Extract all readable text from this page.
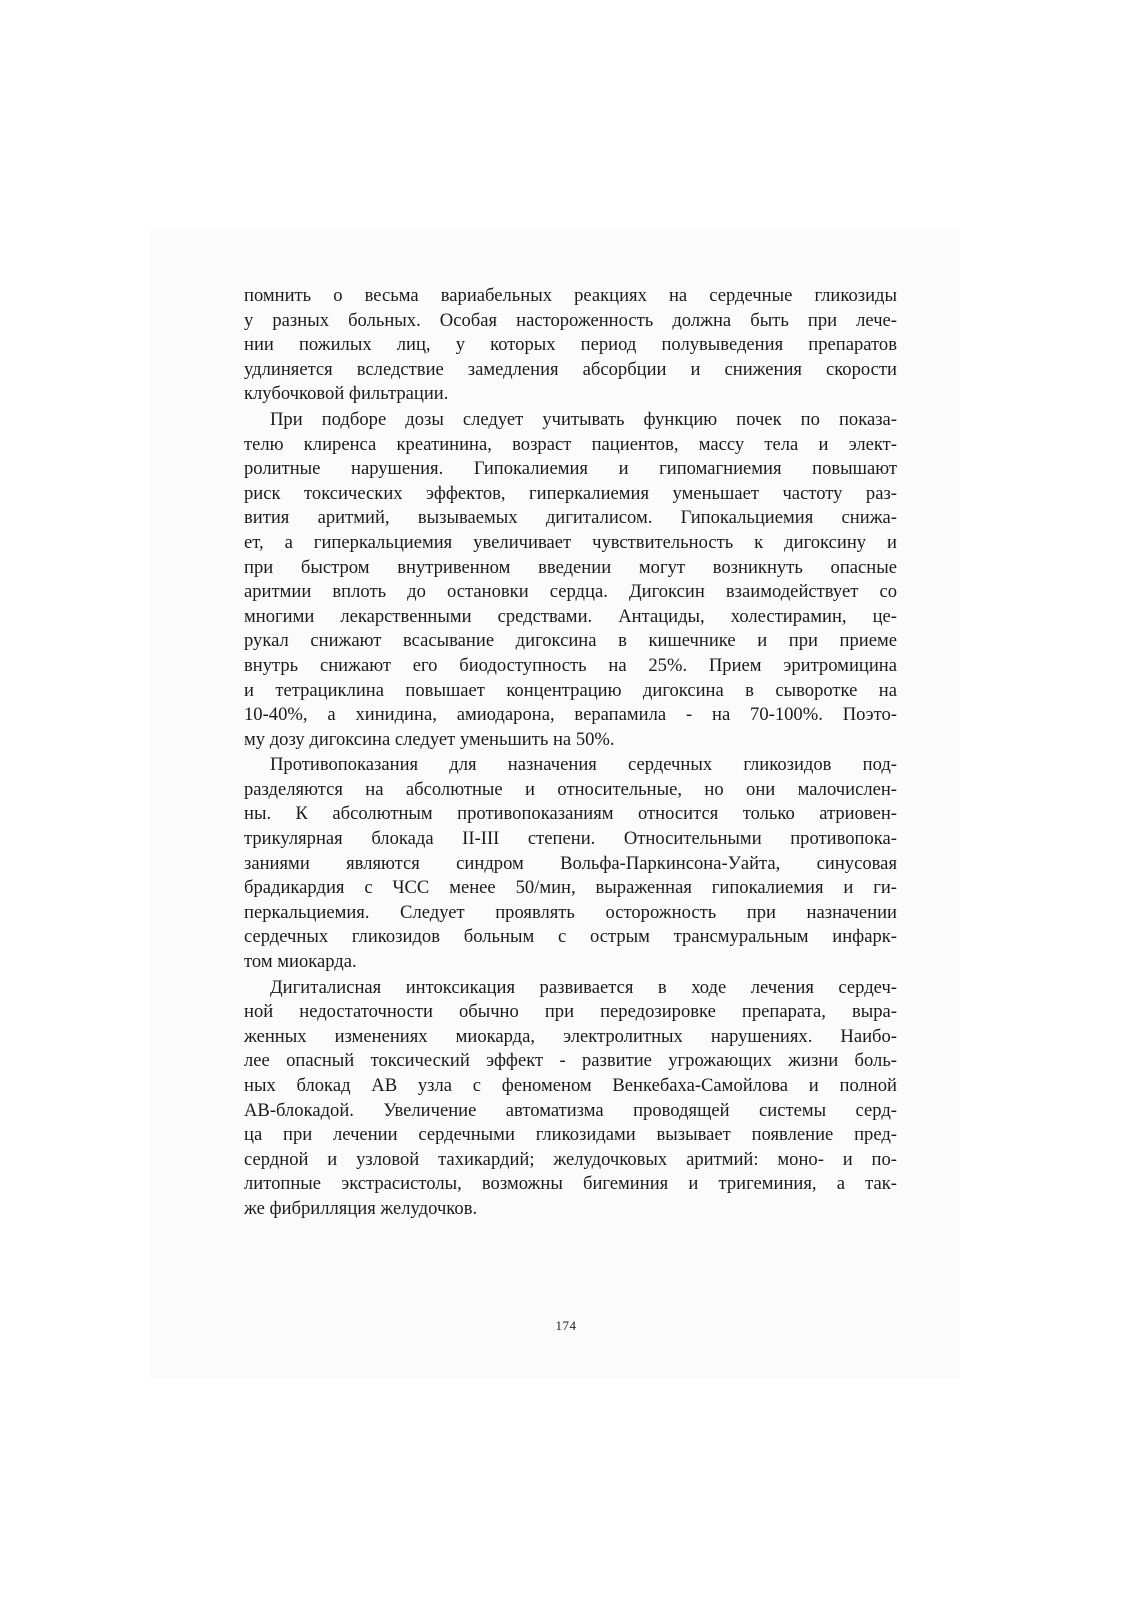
помнить о весьма вариабельных реакциях на сердечные гликозиды
у разных больных. Особая настороженность должна быть при лече-
нии пожилых лиц, у которых период полувыведения препаратов
удлиняется вследствие замедления абсорбции и снижения скорости
клубочковой фильтрации.

При подборе дозы следует учитывать функцию почек по показа-
телю клиренса креатинина, возраст пациентов, массу тела и элект-
ролитные нарушения. Гипокалиемия и гипомагниемия повышают
риск токсических эффектов, гиперкалиемия уменьшает частоту раз-
вития аритмий, вызываемых дигиталисом. Гипокальциемия снижа-
ет, а гиперкальциемия увеличивает чувствительность к дигоксину и
при быстром внутривенном введении могут возникнуть опасные
аритмии вплоть до остановки сердца. Дигоксин взаимодействует со
многими лекарственными средствами. Антациды, холестирамин, це-
рукал снижают всасывание дигоксина в кишечнике и при приеме
внутрь снижают его биодоступность на 25%. Прием эритромицина
и тетрациклина повышает концентрацию дигоксина в сыворотке на
10-40%, а хинидина, амиодарона, верапамила - на 70-100%. Поэто-
му дозу дигоксина следует уменьшить на 50%.

Противопоказания для назначения сердечных гликозидов под-
разделяются на абсолютные и относительные, но они малочислен-
ны. К абсолютным противопоказаниям относится только атриовен-
трикулярная блокада II-III степени. Относительными противопока-
заниями являются синдром Вольфа-Паркинсона-Уайта, синусовая
брадикардия с ЧСС менее 50/мин, выраженная гипокалиемия и ги-
перкальциемия. Следует проявлять осторожность при назначении
сердечных гликозидов больным с острым трансмуральным инфарк-
том миокарда.

Дигиталисная интоксикация развивается в ходе лечения сердеч-
ной недостаточности обычно при передозировке препарата, выра-
женных изменениях миокарда, электролитных нарушениях. Наибо-
лее опасный токсический эффект - развитие угрожающих жизни боль-
ных блокад АВ узла с феноменом Венкебаха-Самойлова и полной
АВ-блокадой. Увеличение автоматизма проводящей системы серд-
ца при лечении сердечными гликозидами вызывает появление пред-
сердной и узловой тахикардий; желудочковых аритмий: моно- и по-
литопные экстрасистолы, возможны бигеминия и тригеминия, а так-
же фибрилляция желудочков.

174
